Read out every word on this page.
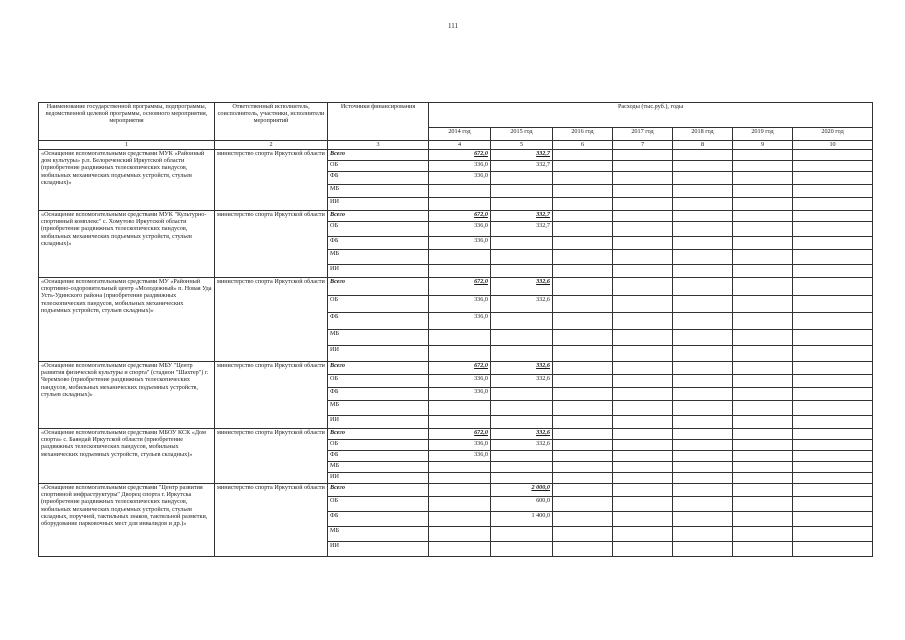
111
Наименование государственной программы, подпрограммы, ведомственной целевой программы, основного мероприятия, мероприятия	Ответственный исполнитель, соисполнитель, участники, исполнители мероприятий	Источники финансирования	Расходы (тыс.руб.), годы						
			2014 год	2015 год	2016 год	2017 год	2018 год	2019 год	2020 год
1	2	3	4	5	6	7	8	9	10
«Оснащение вспомогательными средствами МУК «Районный дом культуры» р.п. Белореченский Иркутской области (приобретение раздвижных телескопических пандусов, мобильных механических подъемных устройств, стульев складных)»	министерство спорта Иркутской области	Всего	672,0	332,7					
		ОБ	336,0	332,7					
		ФБ	336,0						
		МБ							
		ИИ							
«Оснащение вспомогательными средствами МУК "Культурно-спортивный комплекс" с. Хомутово Иркутской области (приобретение раздвижных телескопических пандусов, мобильных механических подъемных устройств, стульев складных)»	министерство спорта Иркутской области	Всего	672,0	332,7					
		ОБ	336,0	332,7					
		ФБ	336,0						
		МБ							
		ИИ							
«Оснащение вспомогательными средствами МУ «Районный спортивно-оздоровительный центр «Молодежный» п. Новая Уда Усть-Удинского района (приобретение раздвижных телескопических пандусов, мобильных механических подъемных устройств, стульев складных)»	министерство спорта Иркутской области	Всего	672,0	332,6					
		ОБ	336,0	332,6					
		ФБ	336,0						
		МБ							
		ИИ							
«Оснащение вспомогательными средствами МБУ "Центр развития физической культуры и спорта" (стадион "Шахтер") г. Черемхово (приобретение раздвижных телескопических пандусов, мобильных механических подъемных устройств, стульев складных)»	министерство спорта Иркутской области	Всего	672,0	332,6					
		ОБ	336,0	332,6					
		ФБ	336,0						
		МБ							
		ИИ							
«Оснащение вспомогательными средствами МБОУ КСК «Дом спорта» с. Баяндай Иркутской области (приобретение раздвижных телескопических пандусов, мобильных механических подъемных устройств, стульев складных)»	министерство спорта Иркутской области	Всего	672,0	332,6					
		ОБ	336,0	332,6					
		ФБ	336,0						
		МБ							
		ИИ							
«Оснащение вспомогательными средствами "Центр развития спортивной инфраструктуры" Дворец спорта г. Иркутска (приобретение раздвижных телескопических пандусов, мобильных механических подъемных устройств, стульев складных, поручней, тактильных знаков, тактильной разметки, оборудование парковочных мест для инвалидов и др.)»	министерство спорта Иркутской области	Всего		2 000,0					
		ОБ		600,0					
		ФБ		1 400,0					
		МБ							
		ИИ							
